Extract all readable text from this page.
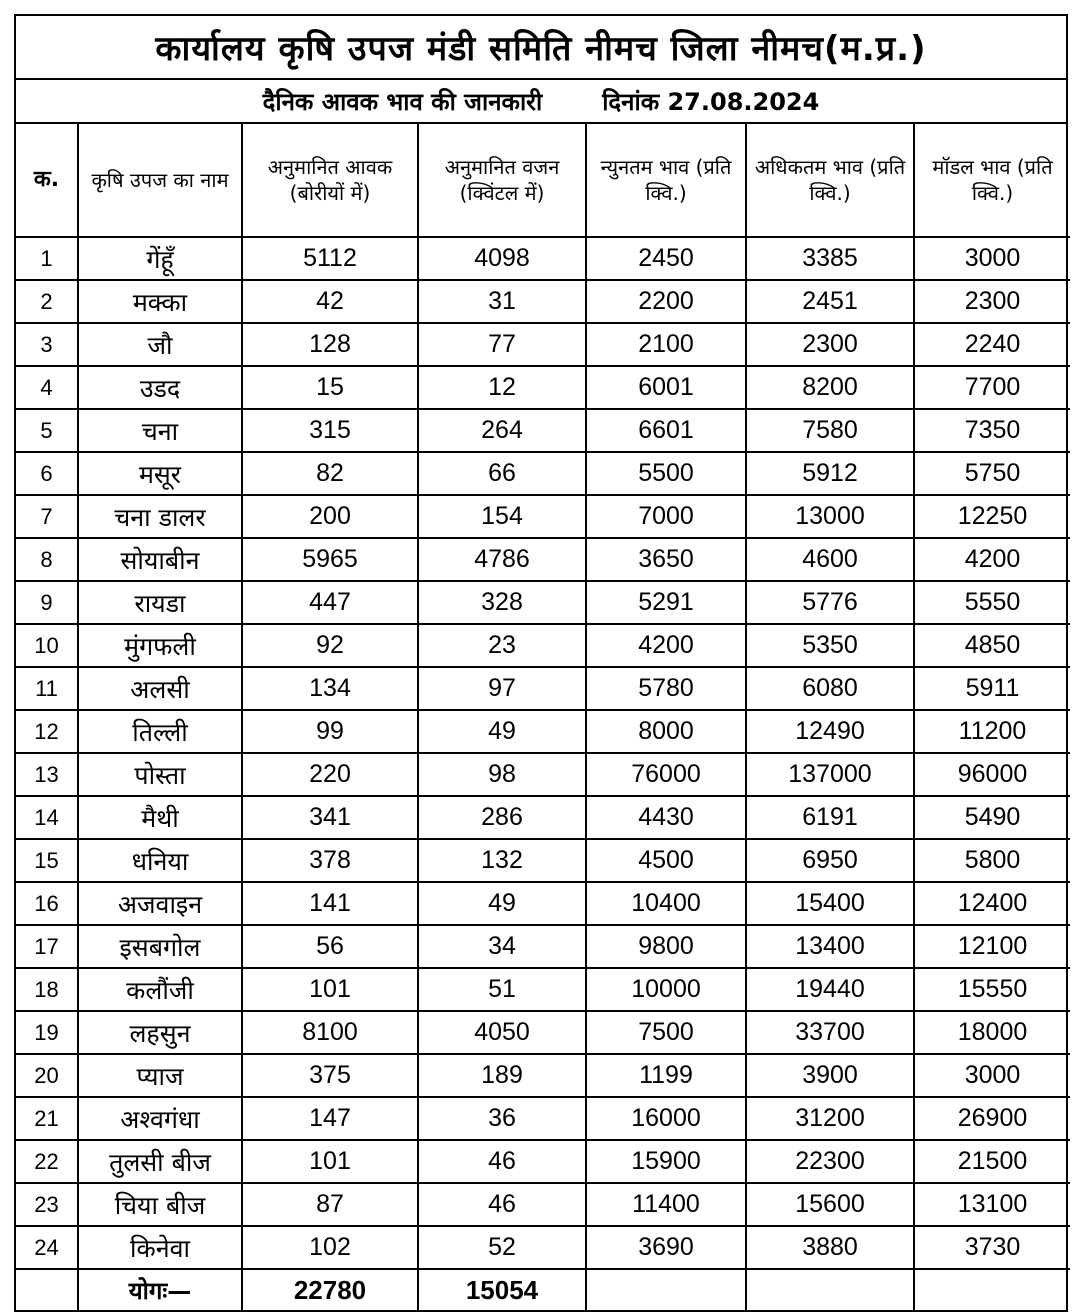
कार्यालय कृषि उपज मंडी समिति नीमच जिला नीमच(म.प्र.)
दैनिक आवक भाव की जानकारी	दिनांक 27.08.2024
क.	कृषि उपज का नाम	अनुमानित आवक (बोरीयों में)	अनुमानित वजन (क्विंटल में)	न्युनतम भाव (प्रति क्वि.)	अधिकतम भाव (प्रति क्वि.)	मॉडल भाव (प्रति क्वि.)
1	गेंहूँ	5112	4098	2450	3385	3000
2	मक्का	42	31	2200	2451	2300
3	जौ	128	77	2100	2300	2240
4	उडद	15	12	6001	8200	7700
5	चना	315	264	6601	7580	7350
6	मसूर	82	66	5500	5912	5750
7	चना डालर	200	154	7000	13000	12250
8	सोयाबीन	5965	4786	3650	4600	4200
9	रायडा	447	328	5291	5776	5550
10	मुंगफली	92	23	4200	5350	4850
11	अलसी	134	97	5780	6080	5911
12	तिल्ली	99	49	8000	12490	11200
13	पोस्ता	220	98	76000	137000	96000
14	मैथी	341	286	4430	6191	5490
15	धनिया	378	132	4500	6950	5800
16	अजवाइन	141	49	10400	15400	12400
17	इसबगोल	56	34	9800	13400	12100
18	कलौंजी	101	51	10000	19440	15550
19	लहसुन	8100	4050	7500	33700	18000
20	प्याज	375	189	1199	3900	3000
21	अश्वगंधा	147	36	16000	31200	26900
22	तुलसी बीज	101	46	15900	22300	21500
23	चिया बीज	87	46	11400	15600	13100
24	किनेवा	102	52	3690	3880	3730
	योगः—	22780	15054			
